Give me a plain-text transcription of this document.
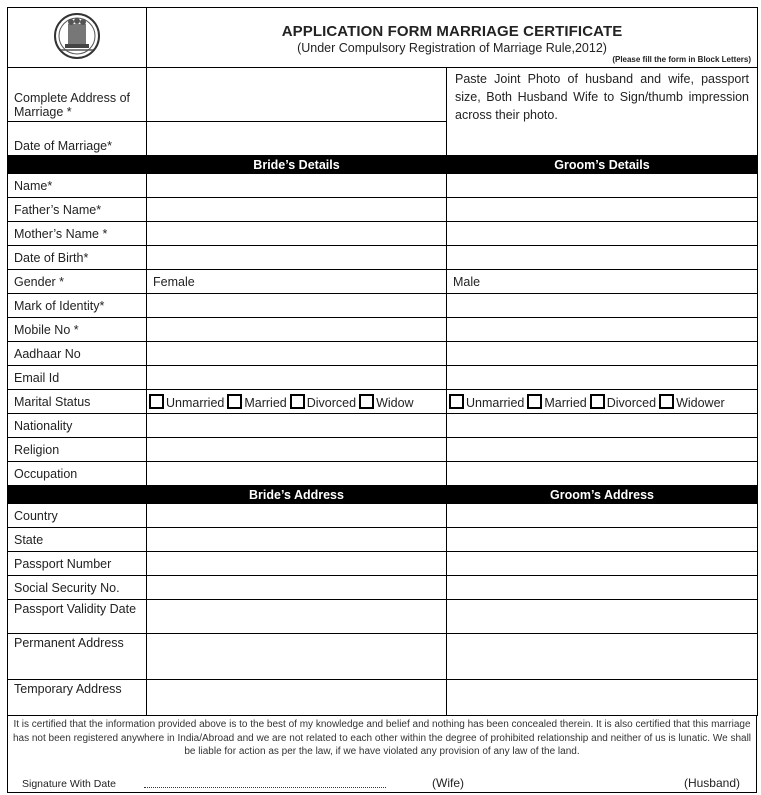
APPLICATION FORM MARRIAGE CERTIFICATE
(Under Compulsory Registration of Marriage Rule,2012)
(Please fill the form in Block Letters)	

Complete Address of Marriage *		Paste Joint Photo of husband and wife, passport size, Both Husband Wife to Sign/thumb impression across their photo.
Date of Marriage*		
	Bride’s Details	Groom’s Details
Name*		
Father’s Name*		
Mother’s Name *		
Date of Birth*		
Gender *	Female	Male
Mark of Identity*		
Mobile No *		
Aadhaar No		
Email Id		
Marital Status	Unmarried Married Divorced Widow	Unmarried Married Divorced Widower
Nationality		
Religion		
Occupation		
	Bride’s Address	Groom’s Address
Country		
State		
Passport Number		
Social Security No.		
Passport Validity Date		
Permanent Address		
Temporary Address		
It is certified that the information provided above is to the best of my knowledge and belief and nothing has been concealed therein. It is also certified that this marriage has not been registered anywhere in India/Abroad and we are not related to each other within the degree of prohibited relationship and neither of us is lunatic. We shall be liable for action as per the law, if we have violated any provision of any law of the land.
Signature With Date	(Wife)	(Husband)
